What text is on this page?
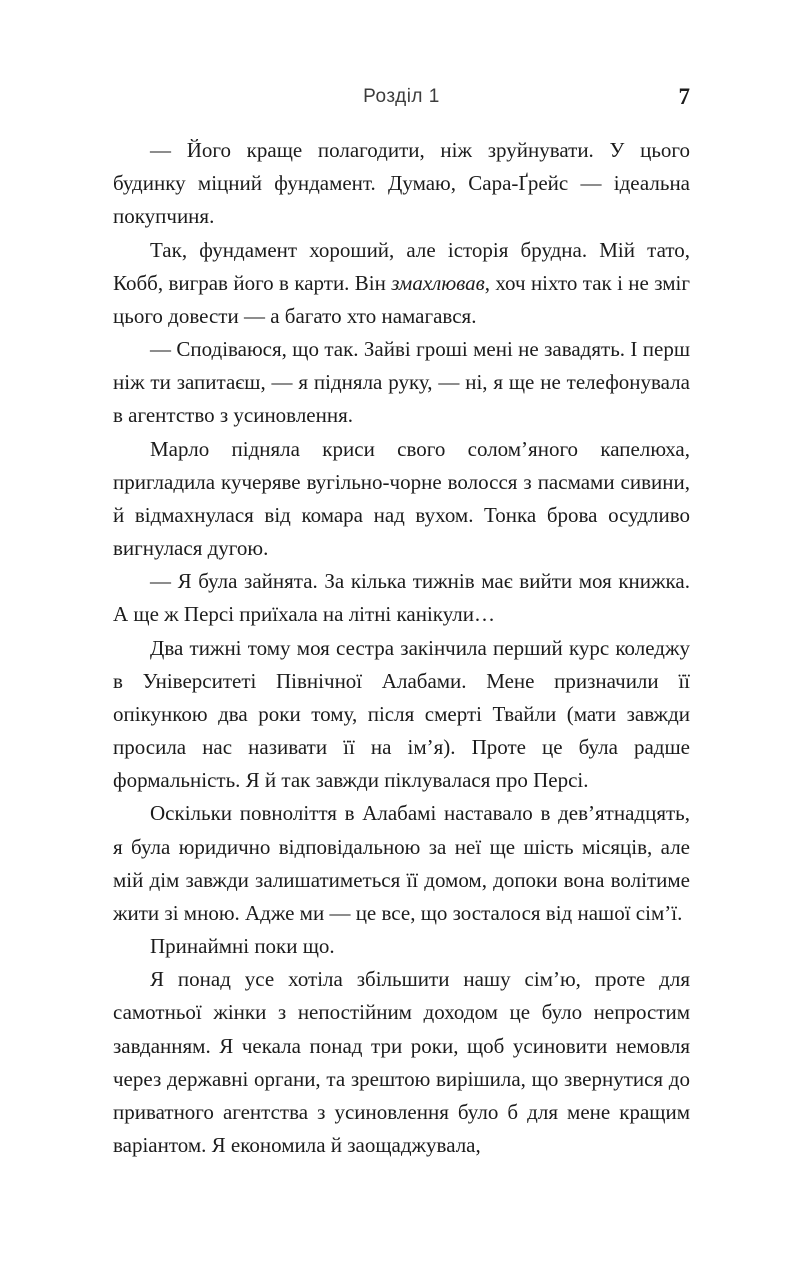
Розділ 1	7

— Його краще полагодити, ніж зруйнувати. У цього будинку міцний фундамент. Думаю, Сара-Ґрейс — ідеальна покупчиня.

Так, фундамент хороший, але історія брудна. Мій тато, Кобб, виграв його в карти. Він змахлював, хоч ніхто так і не зміг цього довести — а багато хто намагався.

— Сподіваюся, що так. Зайві гроші мені не завадять. І перш ніж ти запитаєш, — я підняла руку, — ні, я ще не телефонувала в агентство з усиновлення.

Марло підняла криси свого солом’яного капелюха, пригладила кучеряве вугільно-чорне волосся з пасмами сивини, й відмахнулася від комара над вухом. Тонка брова осудливо вигнулася дугою.

— Я була зайнята. За кілька тижнів має вийти моя книжка. А ще ж Персі приїхала на літні канікули…

Два тижні тому моя сестра закінчила перший курс коледжу в Університеті Північної Алабами. Мене призначили її опікункою два роки тому, після смерті Твайли (мати завжди просила нас називати її на ім’я). Проте це була радше формальність. Я й так завжди піклувалася про Персі.

Оскільки повноліття в Алабамі наставало в дев’ятнадцять, я була юридично відповідальною за неї ще шість місяців, але мій дім завжди залишатиметься її домом, допоки вона волітиме жити зі мною. Адже ми — це все, що зосталося від нашої сім’ї.

Принаймні поки що.

Я понад усе хотіла збільшити нашу сім’ю, проте для самотньої жінки з непостійним доходом це було непростим завданням. Я чекала понад три роки, щоб усиновити немовля через державні органи, та зрештою вирішила, що звернутися до приватного агентства з усиновлення було б для мене кращим варіантом. Я економила й заощаджувала,
